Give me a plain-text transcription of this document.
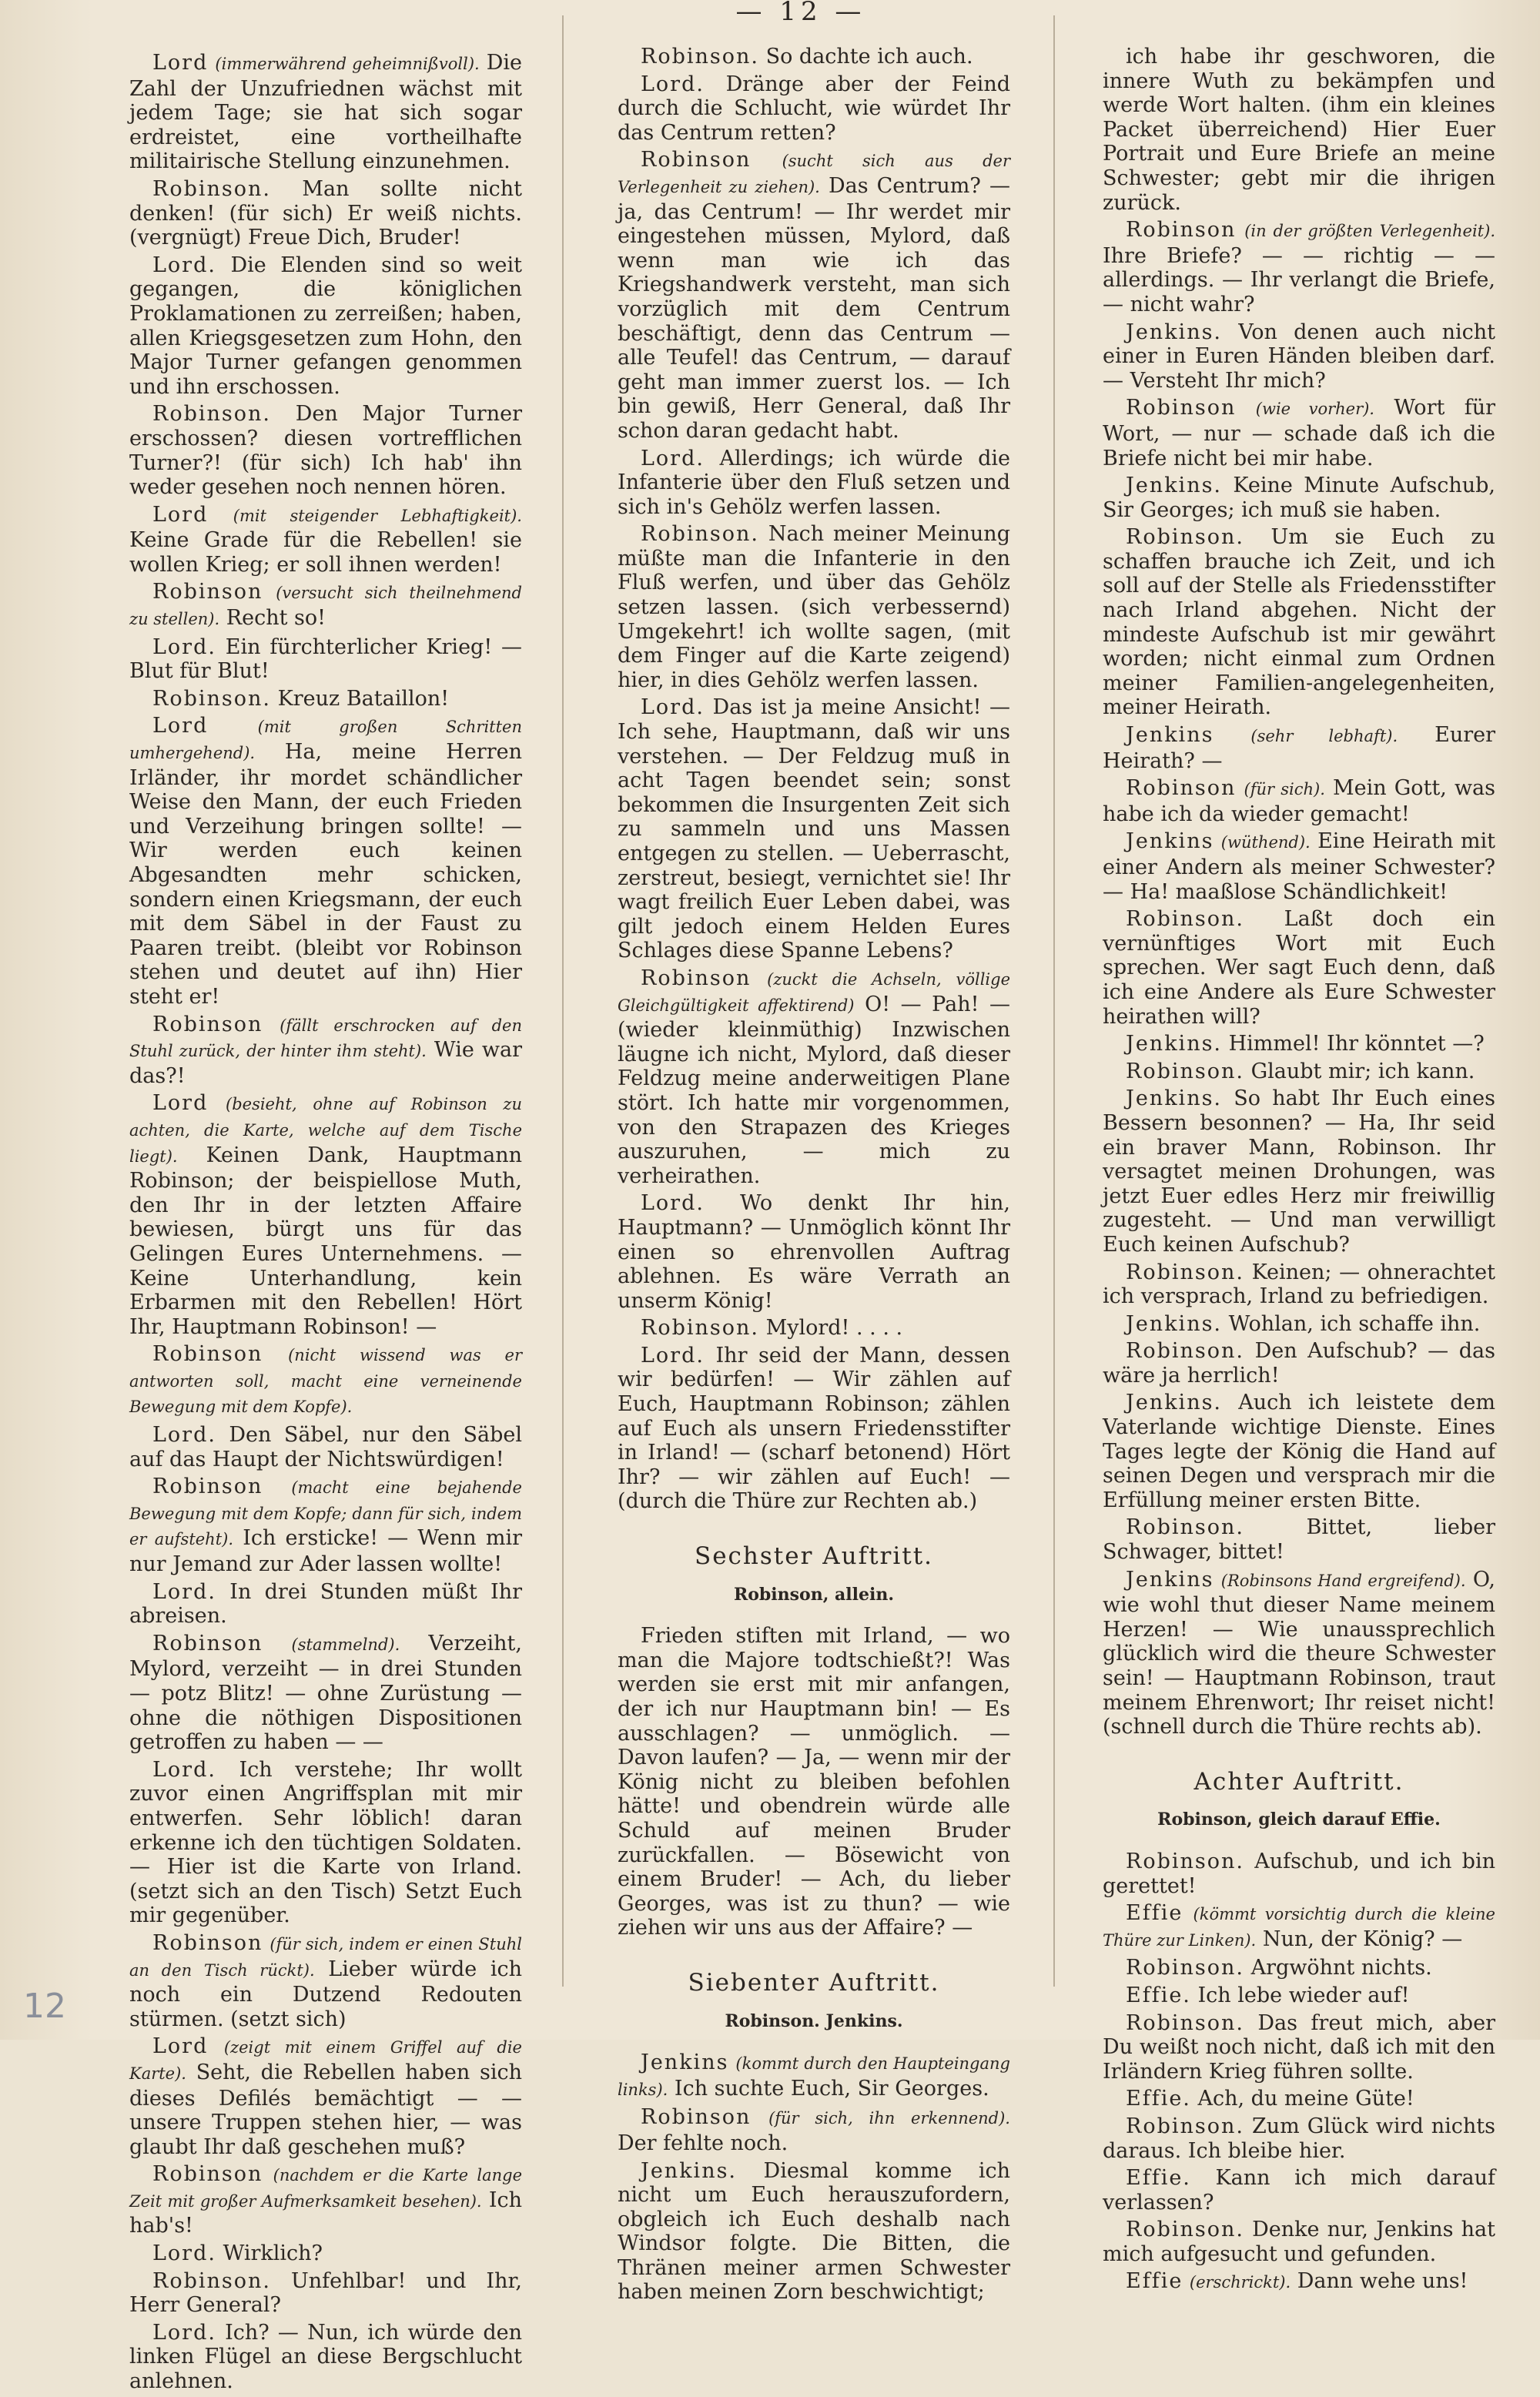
— 12 —

Lord (immerwährend geheimnißvoll). Die Zahl der Unzufriednen wächst mit jedem Tage; sie hat sich sogar erdreistet, eine vortheilhafte militairische Stellung einzunehmen.

Robinson. Man sollte nicht denken! (für sich) Er weiß nichts. (vergnügt) Freue Dich, Bruder!

Lord. Die Elenden sind so weit gegangen, die königlichen Proklamationen zu zerreißen; haben, allen Kriegsgesetzen zum Hohn, den Major Turner gefangen genommen und ihn erschossen.

Robinson. Den Major Turner erschossen? diesen vortrefflichen Turner?! (für sich) Ich hab' ihn weder gesehen noch nennen hören.

Lord (mit steigender Lebhaftigkeit). Keine Grade für die Rebellen! sie wollen Krieg; er soll ihnen werden!

Robinson (versucht sich theilnehmend zu stellen). Recht so!

Lord. Ein fürchterlicher Krieg! — Blut für Blut!

Robinson. Kreuz Bataillon!

Lord	(mit großen Schritten umhergehend). Ha, meine Herren Irländer, ihr mordet schändlicher Weise den Mann, der euch Frieden und Verzeihung bringen sollte! — Wir werden euch keinen Abgesandten mehr schicken, sondern einen Kriegsmann, der euch mit dem Säbel in der Faust zu Paaren treibt. (bleibt vor Robinson stehen und deutet auf ihn) Hier steht er!

Robinson (fällt erschrocken auf den Stuhl zurück, der hinter ihm steht). Wie war das?!

Lord (besieht, ohne auf Robinson zu achten, die Karte, welche auf dem Tische liegt). Keinen Dank, Hauptmann Robinson; der beispiellose Muth, den Ihr in der letzten Affaire bewiesen, bürgt uns für das Gelingen Eures Unternehmens. — Keine Unterhandlung, kein Erbarmen mit den Rebellen! Hört Ihr, Hauptmann Robinson! —

Robinson (nicht wissend was er antworten soll, macht eine verneinende Bewegung mit dem Kopfe).

Lord. Den Säbel, nur den Säbel auf das Haupt der Nichtswürdigen!

Robinson (macht eine bejahende Bewegung mit dem Kopfe; dann für sich, indem er aufsteht). Ich ersticke! — Wenn mir nur Jemand zur Ader lassen wollte!

Lord. In drei Stunden müßt Ihr abreisen.

Robinson (stammelnd). Verzeiht, Mylord, verzeiht — in drei Stunden — potz Blitz! — ohne Zurüstung — ohne die nöthigen Dispositionen getroffen zu haben — —

Lord. Ich verstehe; Ihr wollt zuvor einen Angriffsplan mit mir entwerfen. Sehr löblich! daran erkenne ich den tüchtigen Soldaten. — Hier ist die Karte von Irland. (setzt sich an den Tisch) Setzt Euch mir gegenüber.

Robinson (für sich, indem er einen Stuhl an den Tisch rückt). Lieber würde ich noch ein Dutzend Redouten stürmen. (setzt sich)

Lord (zeigt mit einem Griffel auf die Karte). Seht, die Rebellen haben sich dieses Defilés bemächtigt — — unsere Truppen stehen hier, — was glaubt Ihr daß geschehen muß?

Robinson (nachdem er die Karte lange Zeit mit großer Aufmerksamkeit besehen). Ich hab's!

Lord. Wirklich?

Robinson. Unfehlbar! und Ihr, Herr General?

Lord. Ich? — Nun, ich würde den linken Flügel an diese Bergschlucht anlehnen.

Robinson. So dachte ich auch.

Lord. Dränge aber der Feind durch die Schlucht, wie würdet Ihr das Centrum retten?

Robinson (sucht sich aus der Verlegenheit zu ziehen). Das Centrum? — ja, das Centrum! — Ihr werdet mir eingestehen müssen, Mylord, daß wenn man wie ich das Kriegshandwerk versteht, man sich vorzüglich mit dem Centrum beschäftigt, denn das Centrum — alle Teufel! das Centrum, — darauf geht man immer zuerst los. — Ich bin gewiß, Herr General, daß Ihr schon daran gedacht habt.

Lord. Allerdings; ich würde die Infanterie über den Fluß setzen und sich in's Gehölz werfen lassen.

Robinson. Nach meiner Meinung müßte man die Infanterie in den Fluß werfen, und über das Gehölz setzen lassen. (sich verbessernd) Umgekehrt! ich wollte sagen, (mit dem Finger auf die Karte zeigend) hier, in dies Gehölz werfen lassen.

Lord. Das ist ja meine Ansicht! — Ich sehe, Hauptmann, daß wir uns verstehen. — Der Feldzug muß in acht Tagen beendet sein; sonst bekommen die Insurgenten Zeit sich zu sammeln und uns Massen entgegen zu stellen. — Ueberrascht, zerstreut, besiegt, vernichtet sie! Ihr wagt freilich Euer Leben dabei, was gilt jedoch einem Helden Eures Schlages diese Spanne Lebens?

Robinson (zuckt die Achseln, völlige Gleichgültigkeit affektirend) O! — Pah! — (wieder kleinmüthig) Inzwischen läugne ich nicht, Mylord, daß dieser Feldzug meine anderweitigen Plane stört. Ich hatte mir vorgenommen, von den Strapazen des Krieges auszuruhen, — mich zu verheirathen.

Lord. Wo denkt Ihr hin, Hauptmann? — Unmöglich könnt Ihr einen so ehrenvollen Auftrag ablehnen. Es wäre Verrath an unserm König!

Robinson. Mylord! . . . .

Lord. Ihr seid der Mann, dessen wir bedürfen! — Wir zählen auf Euch, Hauptmann Robinson; zählen auf Euch als unsern Friedensstifter in Irland! — (scharf betonend) Hört Ihr? — wir zählen auf Euch! — (durch die Thüre zur Rechten ab.)

Sechster Auftritt.
Robinson, allein.

Frieden stiften mit Irland, — wo man die Majore todtschießt?! Was werden sie erst mit mir anfangen, der ich nur Hauptmann bin! — Es ausschlagen? — unmöglich. — Davon laufen? — Ja, — wenn mir der König nicht zu bleiben befohlen hätte! und obendrein würde alle Schuld auf meinen Bruder zurückfallen. — Bösewicht von einem Bruder! — Ach, du lieber Georges, was ist zu thun? — wie ziehen wir uns aus der Affaire? —

Siebenter Auftritt.
Robinson. Jenkins.

Jenkins (kommt durch den Haupteingang links). Ich suchte Euch, Sir Georges.

Robinson (für sich, ihn erkennend). Der fehlte noch.

Jenkins. Diesmal komme ich nicht um Euch herauszufordern, obgleich ich Euch deshalb nach Windsor folgte. Die Bitten, die Thränen meiner armen Schwester haben meinen Zorn beschwichtigt;

ich habe ihr geschworen, die innere Wuth zu bekämpfen und werde Wort halten. (ihm ein kleines Packet überreichend) Hier Euer Portrait und Eure Briefe an meine Schwester; gebt mir die ihrigen zurück.

Robinson (in der größten Verlegenheit). Ihre Briefe? — — richtig — — allerdings. — Ihr verlangt die Briefe, — nicht wahr?

Jenkins. Von denen auch nicht einer in Euren Händen bleiben darf. — Versteht Ihr mich?

Robinson (wie vorher). Wort für Wort, — nur — schade daß ich die Briefe nicht bei mir habe.

Jenkins. Keine Minute Aufschub, Sir Georges; ich muß sie haben.

Robinson. Um sie Euch zu schaffen brauche ich Zeit, und ich soll auf der Stelle als Friedensstifter nach Irland abgehen. Nicht der mindeste Aufschub ist mir gewährt worden; nicht einmal zum Ordnen meiner Familien-angelegenheiten, meiner Heirath.

Jenkins (sehr lebhaft). Eurer Heirath? —

Robinson (für sich). Mein Gott, was habe ich da wieder gemacht!

Jenkins (wüthend). Eine Heirath mit einer Andern als meiner Schwester? — Ha! maaßlose Schändlichkeit!

Robinson. Laßt doch ein vernünftiges Wort mit Euch sprechen. Wer sagt Euch denn, daß ich eine Andere als Eure Schwester heirathen will?

Jenkins. Himmel! Ihr könntet —?

Robinson. Glaubt mir; ich kann.

Jenkins. So habt Ihr Euch eines Bessern besonnen? — Ha, Ihr seid ein braver Mann, Robinson. Ihr versagtet meinen Drohungen, was jetzt Euer edles Herz mir freiwillig zugesteht. — Und man verwilligt Euch keinen Aufschub?

Robinson. Keinen; — ohnerachtet ich versprach, Irland zu befriedigen.

Jenkins. Wohlan, ich schaffe ihn.

Robinson. Den Aufschub? — das wäre ja herrlich!

Jenkins. Auch ich leistete dem Vaterlande wichtige Dienste. Eines Tages legte der König die Hand auf seinen Degen und versprach mir die Erfüllung meiner ersten Bitte.

Robinson.	Bittet, lieber Schwager, bittet!

Jenkins (Robinsons Hand ergreifend). O, wie wohl thut dieser Name meinem Herzen! — Wie unaussprechlich glücklich wird die theure Schwester sein! — Hauptmann Robinson, traut meinem Ehrenwort; Ihr reiset nicht! (schnell durch die Thüre rechts ab).

Achter Auftritt.
Robinson, gleich darauf Effie.

Robinson. Aufschub, und ich bin gerettet!

Effie (kömmt vorsichtig durch die kleine Thüre zur Linken). Nun, der König? —

Robinson. Argwöhnt nichts.

Effie. Ich lebe wieder auf!

Robinson. Das freut mich, aber Du weißt noch nicht, daß ich mit den Irländern Krieg führen sollte.

Effie. Ach, du meine Güte!

Robinson. Zum Glück wird nichts daraus. Ich bleibe hier.

Effie. Kann ich mich darauf verlassen?

Robinson. Denke nur, Jenkins hat mich aufgesucht und gefunden.

Effie (erschrickt). Dann wehe uns!

12
